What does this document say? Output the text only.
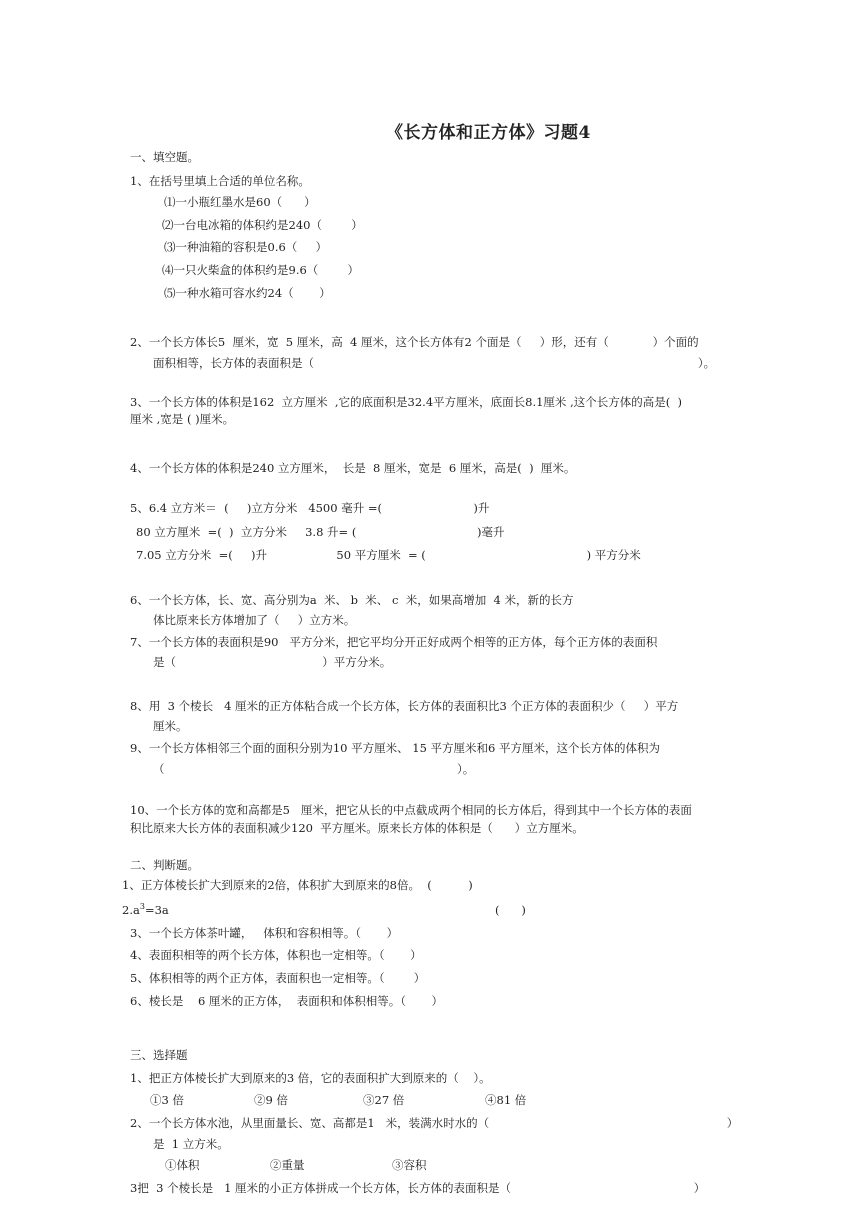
《长方体和正方体》习题4
一、填空题。
1、在括号里填上合适的单位名称。
⑴一小瓶红墨水是60（      ）
⑵一台电冰箱的体积约是240（        ）
⑶一种油箱的容积是0.6（     ）
⑷一只火柴盒的体积约是9.6（        ）
⑸一种水箱可容水约24（       ）
2、一个长方体长5  厘米，宽  5 厘米，高  4 厘米，这个长方体有2 个面是（     ）形，还有（            ）个面的
面积相等，长方体的表面积是（                                                                                                         ）。
3、一个长方体的体积是162  立方厘米  ,它的底面积是32.4平方厘米，底面长8.1厘米 ,这个长方体的高是(  )
厘米 ,宽是 ( )厘米。
4、一个长方体的体积是240 立方厘米，  长是  8 厘米，宽是  6 厘米，高是(  )  厘米。
5、6.4 立方米＝  (     )立方分米   4500 毫升 =(                         )升
80 立方厘米  =(  )  立方分米     3.8 升= (                                 )毫升
7.05 立方分米  =(     )升                   50 平方厘米  = (                                            ) 平方分米
6、一个长方体，长、宽、高分别为a  米、 b  米、 c  米，如果高增加  4 米，新的长方
体比原来长方体增加了（     ）立方米。
7、一个长方体的表面积是90   平方分米，把它平均分开正好成两个相等的正方体，每个正方体的表面积
是（                                        ）平方分米。
8、用  3 个棱长   4 厘米的正方体粘合成一个长方体，长方体的表面积比3 个正方体的表面积少（     ）平方
厘米。
9、一个长方体相邻三个面的面积分别为10 平方厘米、 15 平方厘米和6 平方厘米，这个长方体的体积为
（                                                                                ）。
10、一个长方体的宽和高都是5   厘米，把它从长的中点截成两个相同的长方体后，得到其中一个长方体的表面
积比原来大长方体的表面积减少120  平方厘米。原来长方体的体积是（      ）立方厘米。
二、判断题。
1、正方体棱长扩大到原来的2倍，体积扩大到原来的8倍。  (          )
$2.a^3=3a$	(      )
3、一个长方体茶叶罐，   体积和容积相等。（       ）
4、表面积相等的两个长方体，体积也一定相等。（       ）
5、体积相等的两个正方体，表面积也一定相等。（        ）
6、棱长是    6 厘米的正方体，  表面积和体积相等。（       ）
三、选择题
1、把正方体棱长扩大到原来的3 倍，它的表面积扩大到原来的（    ）。
①3 倍	②9 倍	③27 倍	④81 倍
2、一个长方体水池，从里面量长、宽、高都是1   米，装满水时水的（                                                                 ）
是  1 立方米。
①体积	②重量	③容积
3把  3 个棱长是   1 厘米的小正方体拼成一个长方体，长方体的表面积是（                                                  ）
